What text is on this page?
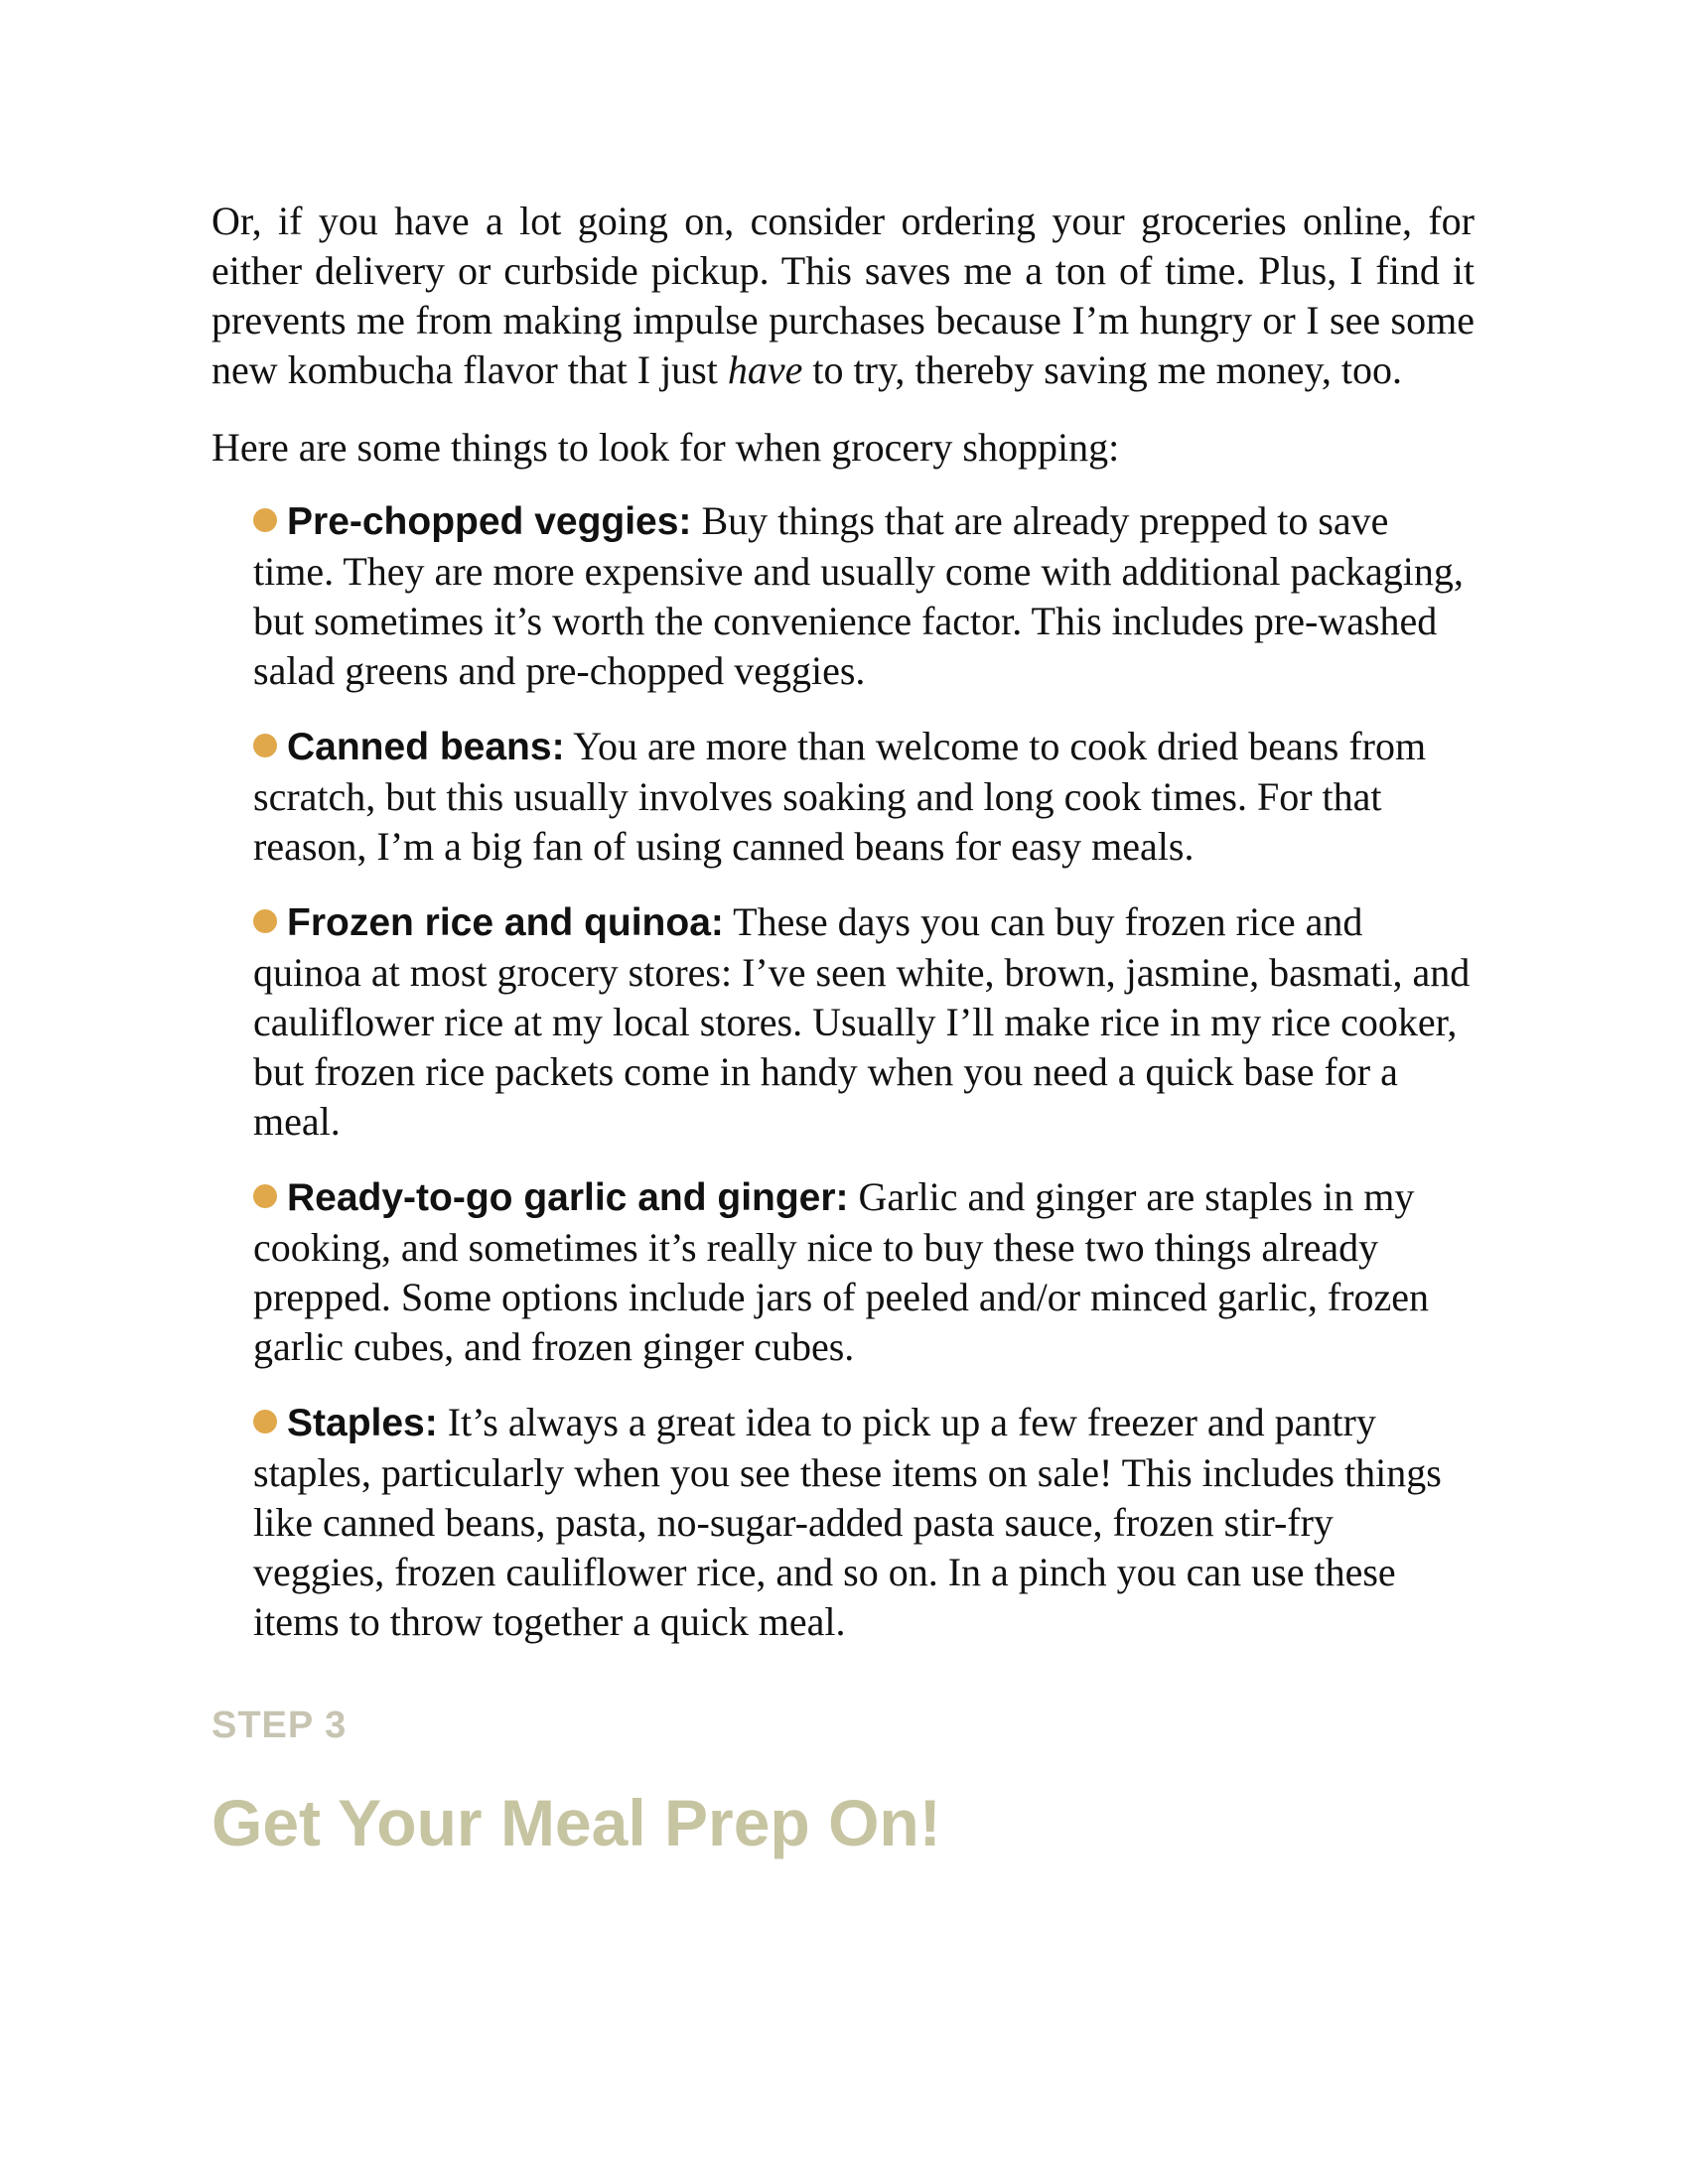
Or, if you have a lot going on, consider ordering your groceries online, for either delivery or curbside pickup. This saves me a ton of time. Plus, I find it prevents me from making impulse purchases because I’m hungry or I see some new kombucha flavor that I just have to try, thereby saving me money, too.

Here are some things to look for when grocery shopping:

Pre-chopped veggies: Buy things that are already prepped to save time. They are more expensive and usually come with additional packaging, but sometimes it’s worth the convenience factor. This includes pre-washed salad greens and pre-chopped veggies.
Canned beans: You are more than welcome to cook dried beans from scratch, but this usually involves soaking and long cook times. For that reason, I’m a big fan of using canned beans for easy meals.
Frozen rice and quinoa: These days you can buy frozen rice and quinoa at most grocery stores: I’ve seen white, brown, jasmine, basmati, and cauliflower rice at my local stores. Usually I’ll make rice in my rice cooker, but frozen rice packets come in handy when you need a quick base for a meal.
Ready-to-go garlic and ginger: Garlic and ginger are staples in my cooking, and sometimes it’s really nice to buy these two things already prepped. Some options include jars of peeled and/or minced garlic, frozen garlic cubes, and frozen ginger cubes.
Staples: It’s always a great idea to pick up a few freezer and pantry staples, particularly when you see these items on sale! This includes things like canned beans, pasta, no-sugar-added pasta sauce, frozen stir-fry veggies, frozen cauliflower rice, and so on. In a pinch you can use these items to throw together a quick meal.
STEP 3
Get Your Meal Prep On!
